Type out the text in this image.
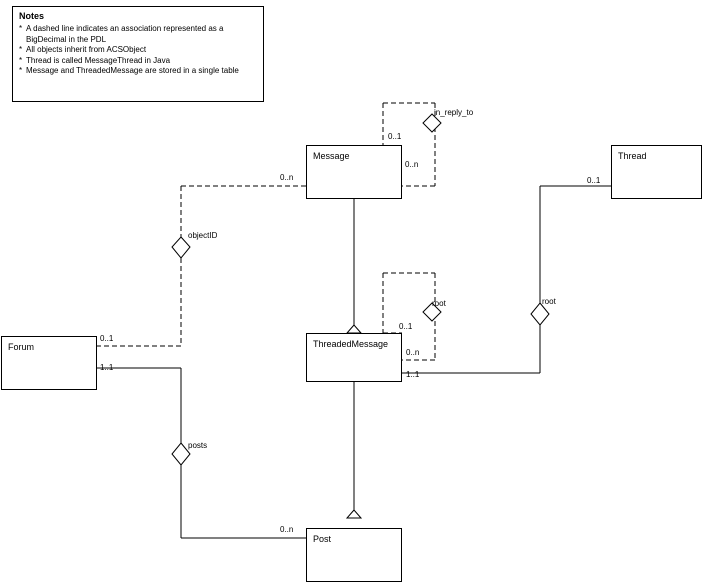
Notes
* A dashed line indicates an association represented as a BigDecimal in the PDL
* All objects inherit from ACSObject
* Thread is called MessageThread in Java
* Message and ThreadedMessage are stored in a single table
Message	Thread
Forum	ThreadedMessage
Post
in_reply_to
objectID
root	root
posts
0..1
0..n
0..n	0..1
0..1
0..n
1..1
0..1
1..1
0..n
